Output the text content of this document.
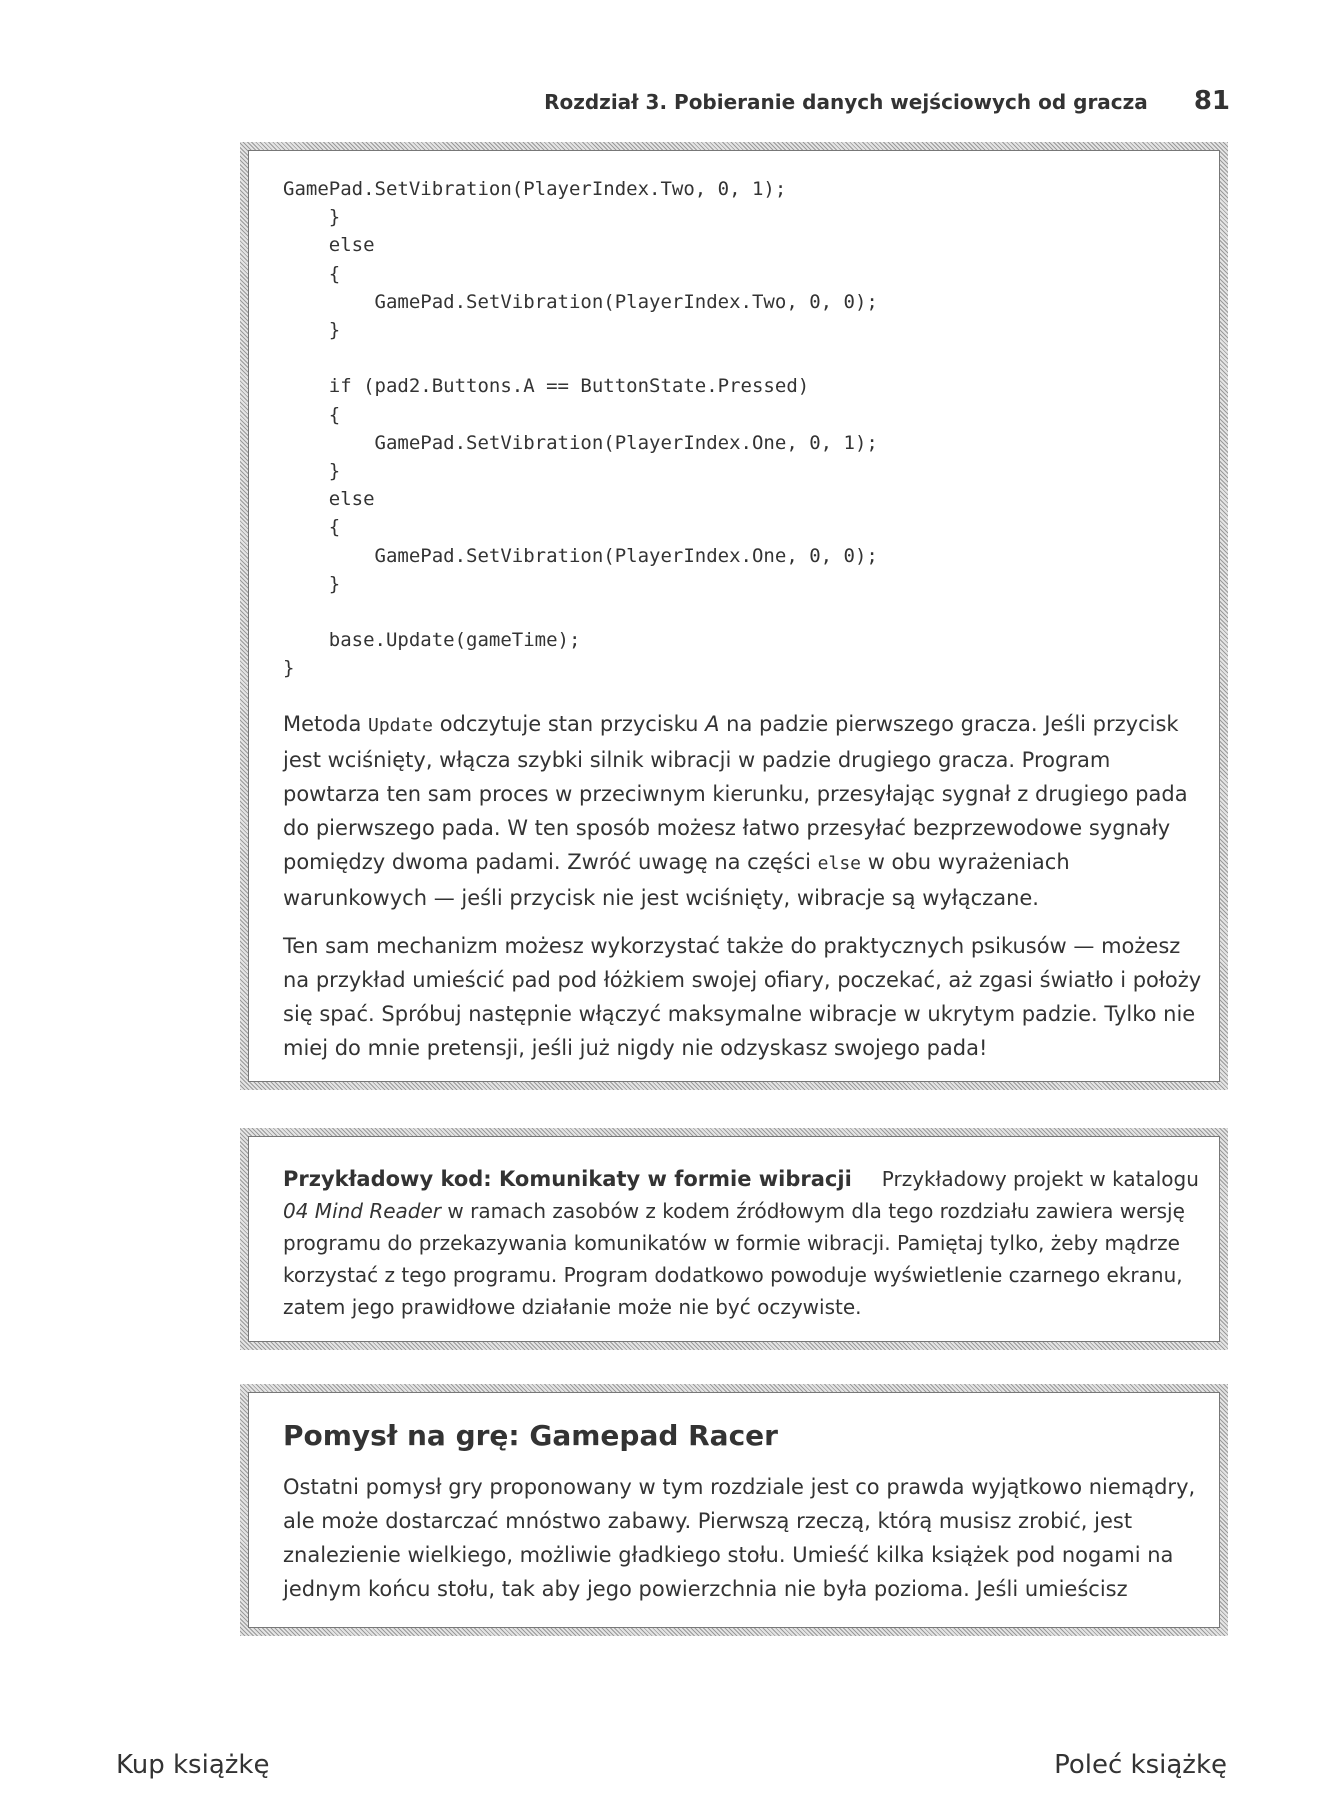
Rozdział 3. Pobieranie danych wejściowych od gracza 81
GamePad.SetVibration(PlayerIndex.Two, 0, 1);
}
else
{
GamePad.SetVibration(PlayerIndex.Two, 0, 0);
}

if (pad2.Buttons.A == ButtonState.Pressed)
{
GamePad.SetVibration(PlayerIndex.One, 0, 1);
}
else
{
GamePad.SetVibration(PlayerIndex.One, 0, 0);
}

base.Update(gameTime);
}

Metoda Update odczytuje stan przycisku A na padzie pierwszego gracza. Jeśli przycisk jest wciśnięty, włącza szybki silnik wibracji w padzie drugiego gracza. Program powtarza ten sam proces w przeciwnym kierunku, przesyłając sygnał z drugiego pada do pierwszego pada. W ten sposób możesz łatwo przesyłać bezprzewodowe sygnały pomiędzy dwoma padami. Zwróć uwagę na części else w obu wyrażeniach warunkowych — jeśli przycisk nie jest wciśnięty, wibracje są wyłączane.

Ten sam mechanizm możesz wykorzystać także do praktycznych psikusów — możesz na przykład umieścić pad pod łóżkiem swojej ofiary, poczekać, aż zgasi światło i położy się spać. Spróbuj następnie włączyć maksymalne wibracje w ukrytym padzie. Tylko nie miej do mnie pretensji, jeśli już nigdy nie odzyskasz swojego pada!

Przykładowy kod: Komunikaty w formie wibracji Przykładowy projekt w katalogu 04 Mind Reader w ramach zasobów z kodem źródłowym dla tego rozdziału zawiera wersję programu do przekazywania komunikatów w formie wibracji. Pamiętaj tylko, żeby mądrze korzystać z tego programu. Program dodatkowo powoduje wyświetlenie czarnego ekranu, zatem jego prawidłowe działanie może nie być oczywiste.

Pomysł na grę: Gamepad Racer

Ostatni pomysł gry proponowany w tym rozdziale jest co prawda wyjątkowo niemądry, ale może dostarczać mnóstwo zabawy. Pierwszą rzeczą, którą musisz zrobić, jest znalezienie wielkiego, możliwie gładkiego stołu. Umieść kilka książek pod nogami na jednym końcu stołu, tak aby jego powierzchnia nie była pozioma. Jeśli umieścisz

Kup książkę	Poleć książkę
